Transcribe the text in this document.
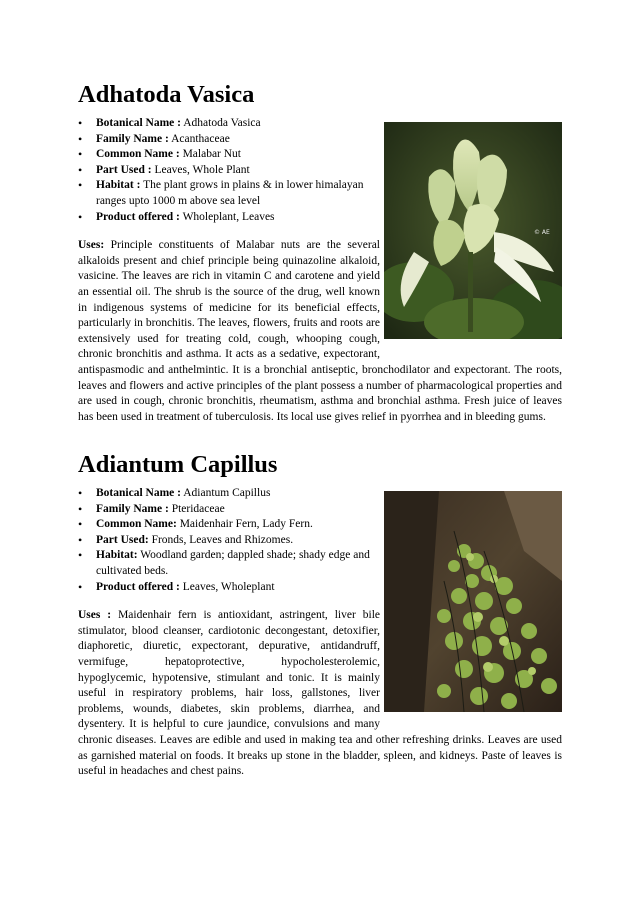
Adhatoda Vasica
© AE
• Botanical Name : Adhatoda Vasica
• Family Name : Acanthaceae
• Common Name : Malabar Nut
• Part Used : Leaves, Whole Plant
• Habitat : The plant grows in plains & in lower himalayan ranges upto 1000 m above sea level
• Product offered : Wholeplant, Leaves

Uses: Principle constituents of Malabar nuts are the several alkaloids present and chief principle being quinazoline alkaloid, vasicine. The leaves are rich in vitamin C and carotene and yield an essential oil. The shrub is the source of the drug, well known in indigenous systems of medicine for its beneficial effects, particularly in bronchitis. The leaves, flowers, fruits and roots are extensively used for treating cold, cough, whooping cough, chronic bronchitis and asthma. It acts as a sedative, expectorant, antispasmodic and anthelmintic. It is a bronchial antiseptic, bronchodilator and expectorant. The roots, leaves and flowers and active principles of the plant possess a number of pharmacological properties and are used in cough, chronic bronchitis, rheumatism, asthma and bronchial asthma. Fresh juice of leaves has been used in treatment of tuberculosis. Its local use gives relief in pyorrhea and in bleeding gums.

Adiantum Capillus
• Botanical Name : Adiantum Capillus
• Family Name : Pteridaceae
• Common Name: Maidenhair Fern, Lady Fern.
• Part Used: Fronds, Leaves and Rhizomes.
• Habitat: Woodland garden; dappled shade; shady edge and cultivated beds.
• Product offered : Leaves, Wholeplant

Uses : Maidenhair fern is antioxidant, astringent, liver bile stimulator, blood cleanser, cardiotonic decongestant, detoxifier, diaphoretic, diuretic, expectorant, depurative, antidandruff, vermifuge, hepatoprotective, hypocholesterolemic, hypoglycemic, hypotensive, stimulant and tonic. It is mainly useful in respiratory problems, hair loss, gallstones, liver problems, wounds, diabetes, skin problems, diarrhea, and dysentery. It is helpful to cure jaundice, convulsions and many chronic diseases. Leaves are edible and used in making tea and other refreshing drinks. Leaves are used as garnished material on foods. It breaks up stone in the bladder, spleen, and kidneys. Paste of leaves is useful in headaches and chest pains.
